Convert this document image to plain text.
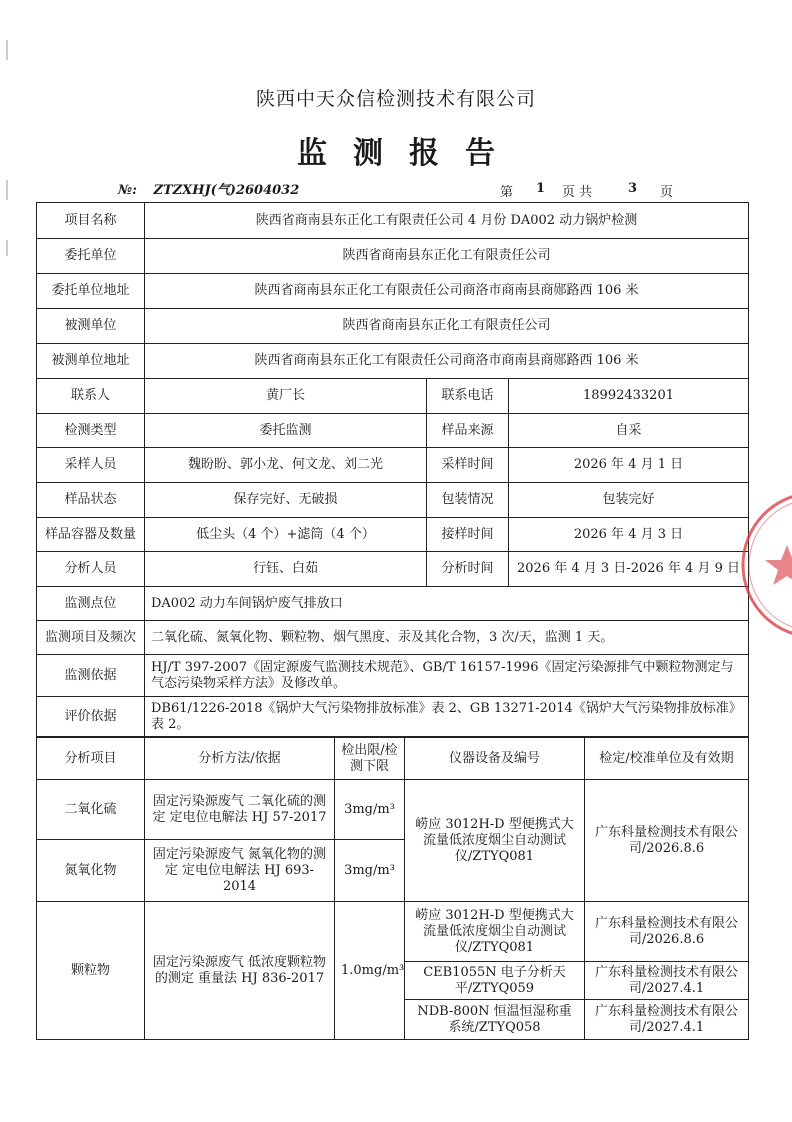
陕西中天众信检测技术有限公司
监测报告
№: ZTZXHJ(气)2604032	第 1 页 共	3 页
项目名称	陕西省商南县东正化工有限责任公司 4 月份 DA002 动力锅炉检测		
委托单位	陕西省商南县东正化工有限责任公司		
委托单位地址	陕西省商南县东正化工有限责任公司商洛市商南县商郧路西 106 米		
被测单位	陕西省商南县东正化工有限责任公司		
被测单位地址	陕西省商南县东正化工有限责任公司商洛市商南县商郧路西 106 米		
联系人	黄厂长	联系电话	18992433201
检测类型	委托监测	样品来源	自采
采样人员	魏盼盼、郭小龙、何文龙、刘二光	采样时间	2026 年 4 月 1 日
样品状态	保存完好、无破损	包装情况	包装完好
样品容器及数量	低尘头（4 个）+滤筒（4 个）	接样时间	2026 年 4 月 3 日
分析人员	行钰、白茹	分析时间	2026 年 4 月 3 日-2026 年 4 月 9 日
监测点位	DA002 动力车间锅炉废气排放口		
监测项目及频次	二氧化硫、氮氧化物、颗粒物、烟气黑度、汞及其化合物，3 次/天，监测 1 天。		
监测依据	HJ/T 397-2007《固定源废气监测技术规范》、GB/T 16157-1996《固定污染源排气中颗粒物测定与气态污染物采样方法》及修改单。		
评价依据	DB61/1226-2018《锅炉大气污染物排放标准》表 2、GB 13271-2014《锅炉大气污染物排放标准》表 2。		
分析项目	分析方法/依据	检出限/检测下限	仪器设备及编号	检定/校准单位及有效期
二氧化硫	固定污染源废气 二氧化硫的测定 定电位电解法 HJ 57-2017	3mg/m³	崂应 3012H-D 型便携式大流量低浓度烟尘自动测试仪/ZTYQ081	广东科量检测技术有限公司/2026.8.6
氮氧化物	固定污染源废气 氮氧化物的测定 定电位电解法 HJ 693-2014	3mg/m³		
颗粒物	固定污染源废气 低浓度颗粒物的测定 重量法 HJ 836-2017	1.0mg/m³	崂应 3012H-D 型便携式大流量低浓度烟尘自动测试仪/ZTYQ081	广东科量检测技术有限公司/2026.8.6
			CEB1055N 电子分析天平/ZTYQ059	广东科量检测技术有限公司/2027.4.1
			NDB-800N 恒温恒湿称重系统/ZTYQ058	广东科量检测技术有限公司/2027.4.1
